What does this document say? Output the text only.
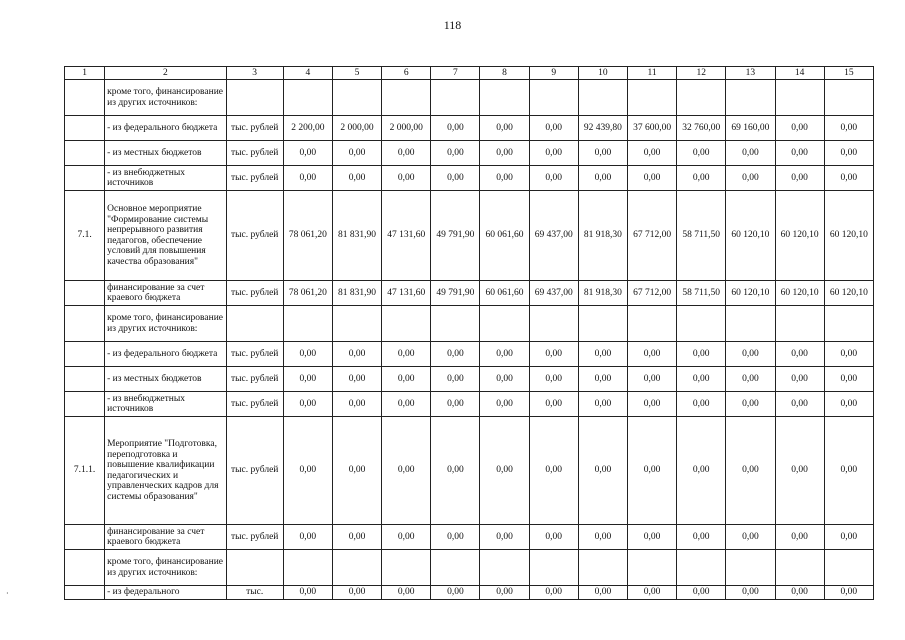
118
1	2	3	4	5	6	7	8	9	10	11	12	13	14	15
	кроме того, финансирование из других источников:													
	- из федерального бюджета	тыс. рублей	2 200,00	2 000,00	2 000,00	0,00	0,00	0,00	92 439,80	37 600,00	32 760,00	69 160,00	0,00	0,00
	- из местных бюджетов	тыс. рублей	0,00	0,00	0,00	0,00	0,00	0,00	0,00	0,00	0,00	0,00	0,00	0,00
	- из внебюджетных источников	тыс. рублей	0,00	0,00	0,00	0,00	0,00	0,00	0,00	0,00	0,00	0,00	0,00	0,00
7.1.	Основное мероприятие "Формирование системы непрерывного развития педагогов, обеспечение условий для повышения качества образования"	тыс. рублей	78 061,20	81 831,90	47 131,60	49 791,90	60 061,60	69 437,00	81 918,30	67 712,00	58 711,50	60 120,10	60 120,10	60 120,10
	финансирование за счет краевого бюджета	тыс. рублей	78 061,20	81 831,90	47 131,60	49 791,90	60 061,60	69 437,00	81 918,30	67 712,00	58 711,50	60 120,10	60 120,10	60 120,10
	кроме того, финансирование из других источников:													
	- из федерального бюджета	тыс. рублей	0,00	0,00	0,00	0,00	0,00	0,00	0,00	0,00	0,00	0,00	0,00	0,00
	- из местных бюджетов	тыс. рублей	0,00	0,00	0,00	0,00	0,00	0,00	0,00	0,00	0,00	0,00	0,00	0,00
	- из внебюджетных источников	тыс. рублей	0,00	0,00	0,00	0,00	0,00	0,00	0,00	0,00	0,00	0,00	0,00	0,00
7.1.1.	Мероприятие "Подготовка, переподготовка и повышение квалификации педагогических и управленческих кадров для системы образования"	тыс. рублей	0,00	0,00	0,00	0,00	0,00	0,00	0,00	0,00	0,00	0,00	0,00	0,00
	финансирование за счет краевого бюджета	тыс. рублей	0,00	0,00	0,00	0,00	0,00	0,00	0,00	0,00	0,00	0,00	0,00	0,00
	кроме того, финансирование из других источников:													
	- из федерального	тыс.	0,00	0,00	0,00	0,00	0,00	0,00	0,00	0,00	0,00	0,00	0,00	0,00
·
